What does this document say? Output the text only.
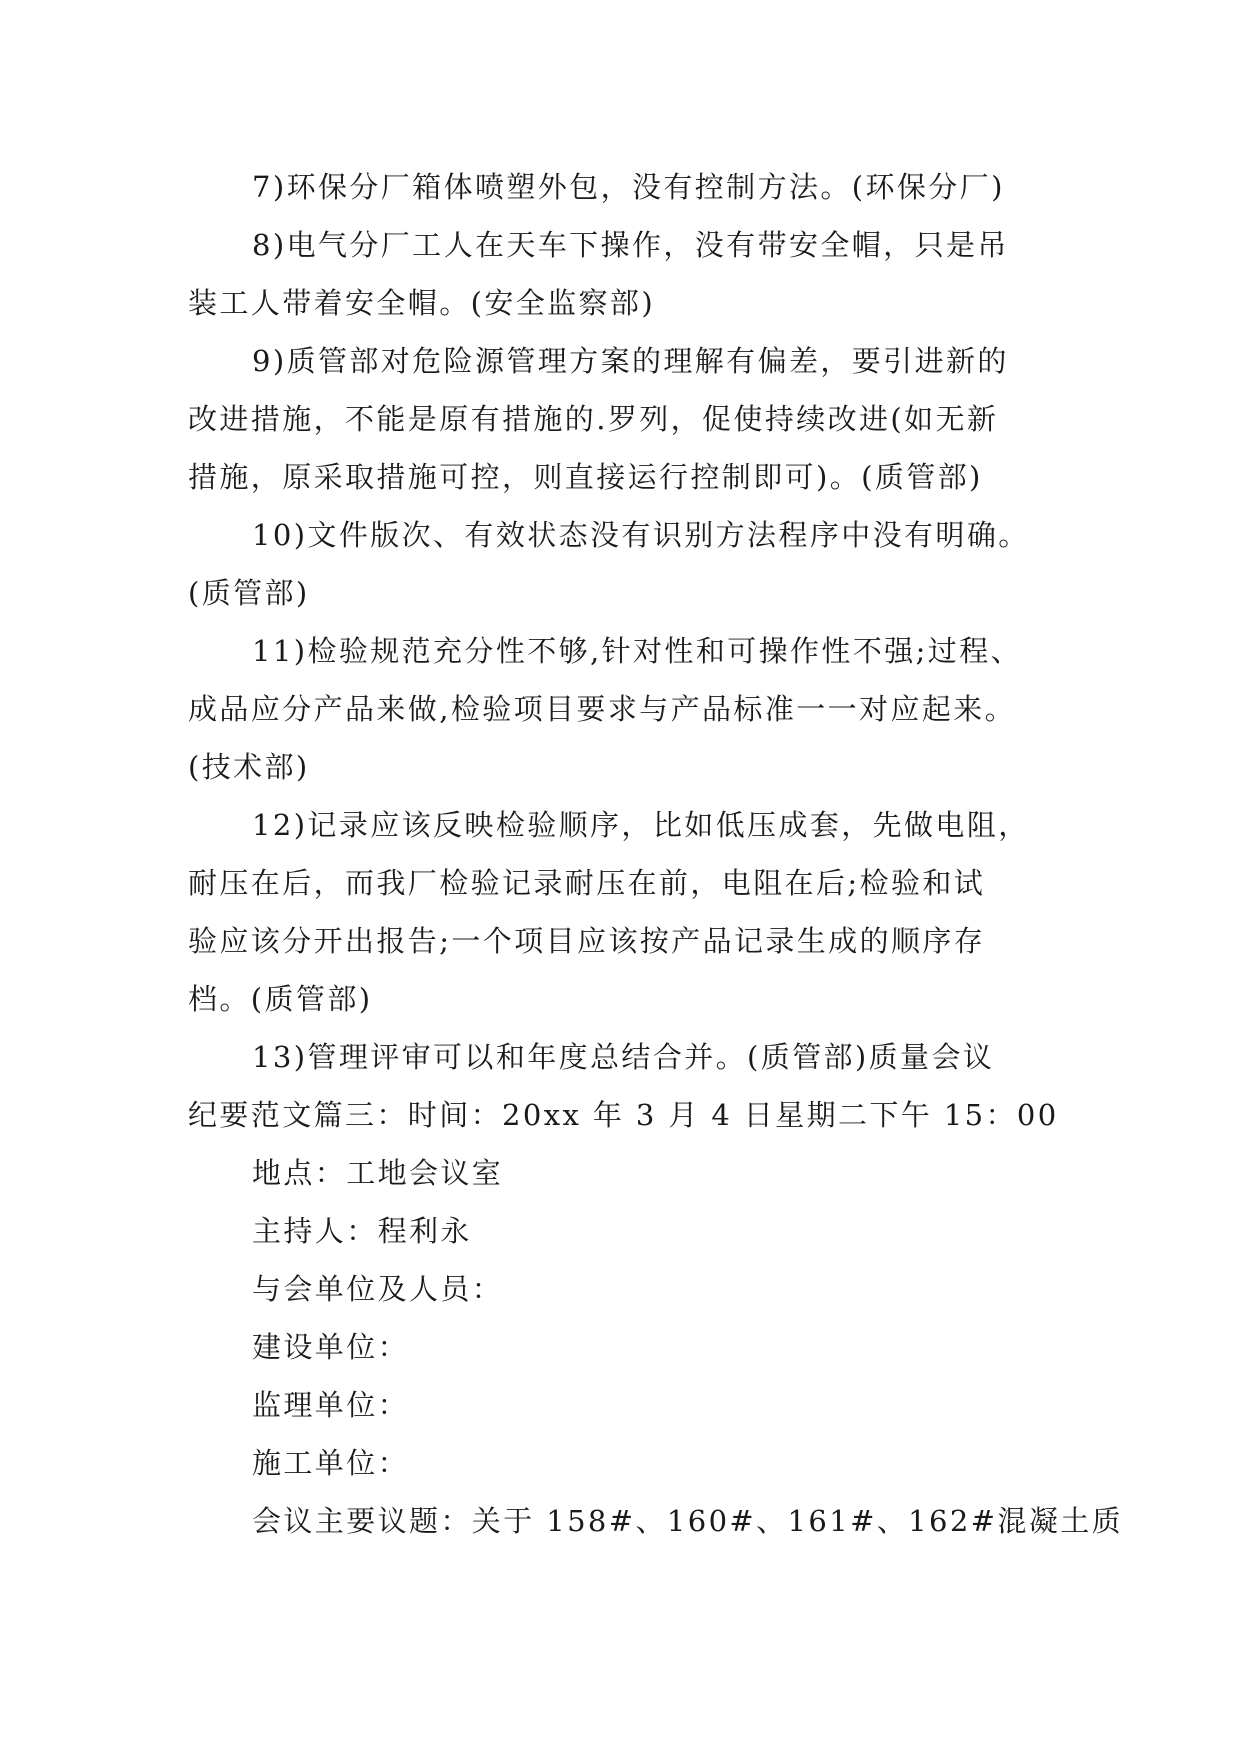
7)环保分厂箱体喷塑外包，没有控制方法。(环保分厂)
8)电气分厂工人在天车下操作，没有带安全帽，只是吊
装工人带着安全帽。(安全监察部)
9)质管部对危险源管理方案的理解有偏差，要引进新的
改进措施，不能是原有措施的.罗列，促使持续改进(如无新
措施，原采取措施可控，则直接运行控制即可)。(质管部)
10)文件版次、有效状态没有识别方法程序中没有明确。
(质管部)
11)检验规范充分性不够,针对性和可操作性不强;过程、
成品应分产品来做,检验项目要求与产品标准一一对应起来。
(技术部)
12)记录应该反映检验顺序，比如低压成套，先做电阻，
耐压在后，而我厂检验记录耐压在前，电阻在后;检验和试
验应该分开出报告;一个项目应该按产品记录生成的顺序存
档。(质管部)
13)管理评审可以和年度总结合并。(质管部)质量会议
纪要范文篇三：时间：20xx 年 3 月 4 日星期二下午 15：00
地点：工地会议室
主持人：程利永
与会单位及人员：
建设单位：
监理单位：
施工单位：
会议主要议题：关于 158#、160#、161#、162#混凝土质
